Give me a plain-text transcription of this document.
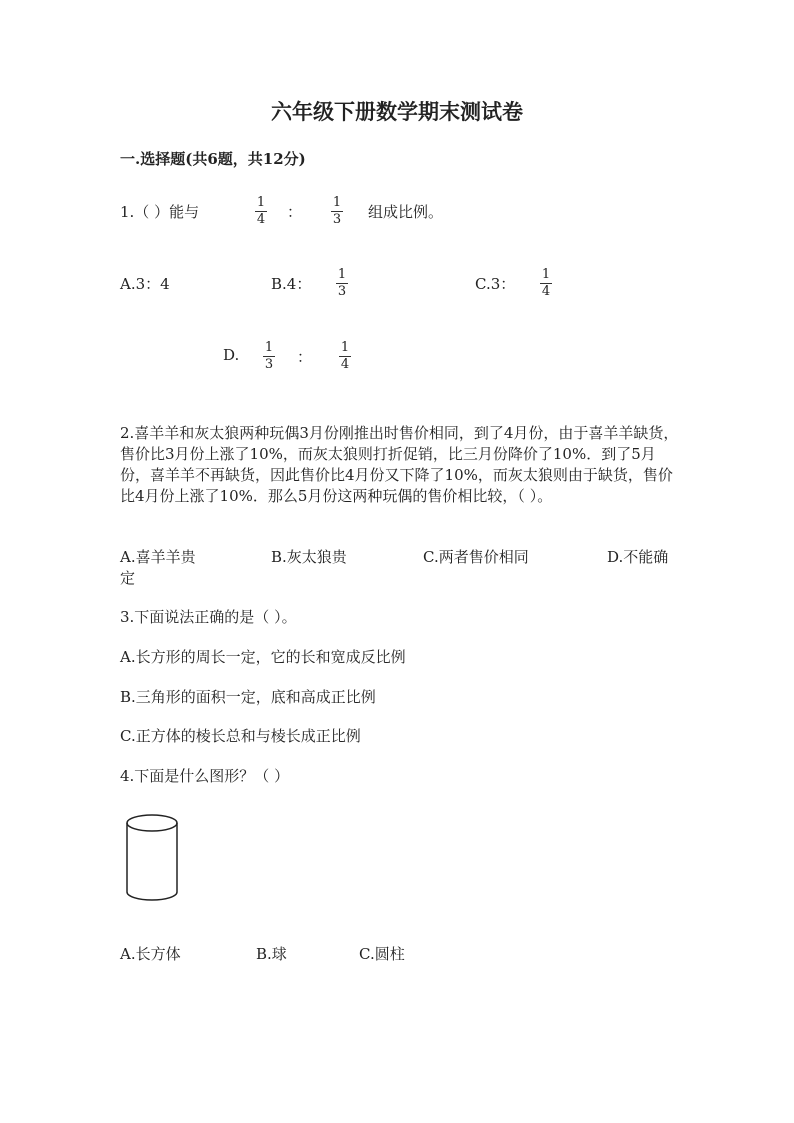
六年级下册数学期末测试卷
一.选择题(共6题，共12分)
1.（ ）能与
1
4 ：
1
3 组成比例。
A.3：4	B.4：
1
3	C.3：
1
4
D. 1
3 ：
1
4
2.喜羊羊和灰太狼两种玩偶3月份刚推出时售价相同，到了4月份，由于喜羊羊缺货，售价比3月份上涨了10%，而灰太狼则打折促销，比三月份降价了10%．到了5月份，喜羊羊不再缺货，因此售价比4月份又下降了10%，而灰太狼则由于缺货，售价比4月份上涨了10%．那么5月份这两种玩偶的售价相比较，（ ）。
A.喜羊羊贵	B.灰太狼贵	C.两者售价相同	D.不能确
定
3.下面说法正确的是（ ）。
A.长方形的周长一定，它的长和宽成反比例
B.三角形的面积一定，底和高成正比例
C.正方体的棱长总和与棱长成正比例
4.下面是什么图形？（ ）
A.长方体	B.球	C.圆柱
